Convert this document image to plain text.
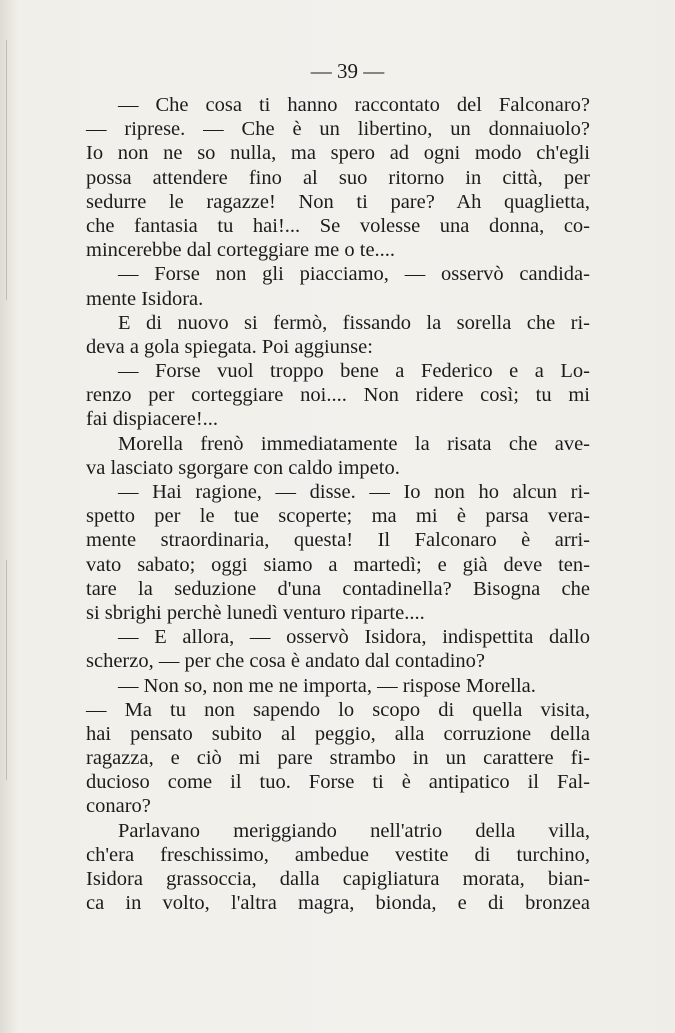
— 39 —
— Che cosa ti hanno raccontato del Falconaro?
— riprese. — Che è un libertino, un donnaiuolo?
Io non ne so nulla, ma spero ad ogni modo ch'egli
possa attendere fino al suo ritorno in città, per
sedurre le ragazze! Non ti pare? Ah quaglietta,
che fantasia tu hai!... Se volesse una donna, co-
mincerebbe dal corteggiare me o te....
— Forse non gli piacciamo, — osservò candida-
mente Isidora.
E di nuovo si fermò, fissando la sorella che ri-
deva a gola spiegata. Poi aggiunse:
— Forse vuol troppo bene a Federico e a Lo-
renzo per corteggiare noi.... Non ridere così; tu mi
fai dispiacere!...
Morella frenò immediatamente la risata che ave-
va lasciato sgorgare con caldo impeto.
— Hai ragione, — disse. — Io non ho alcun ri-
spetto per le tue scoperte; ma mi è parsa vera-
mente straordinaria, questa! Il Falconaro è arri-
vato sabato; oggi siamo a martedì; e già deve ten-
tare la seduzione d'una contadinella? Bisogna che
si sbrighi perchè lunedì venturo riparte....
— E allora, — osservò Isidora, indispettita dallo
scherzo, — per che cosa è andato dal contadino?
— Non so, non me ne importa, — rispose Morella.
— Ma tu non sapendo lo scopo di quella visita,
hai pensato subito al peggio, alla corruzione della
ragazza, e ciò mi pare strambo in un carattere fi-
ducioso come il tuo. Forse ti è antipatico il Fal-
conaro?
Parlavano meriggiando nell'atrio della villa,
ch'era freschissimo, ambedue vestite di turchino,
Isidora grassoccia, dalla capigliatura morata, bian-
ca in volto, l'altra magra, bionda, e di bronzea
